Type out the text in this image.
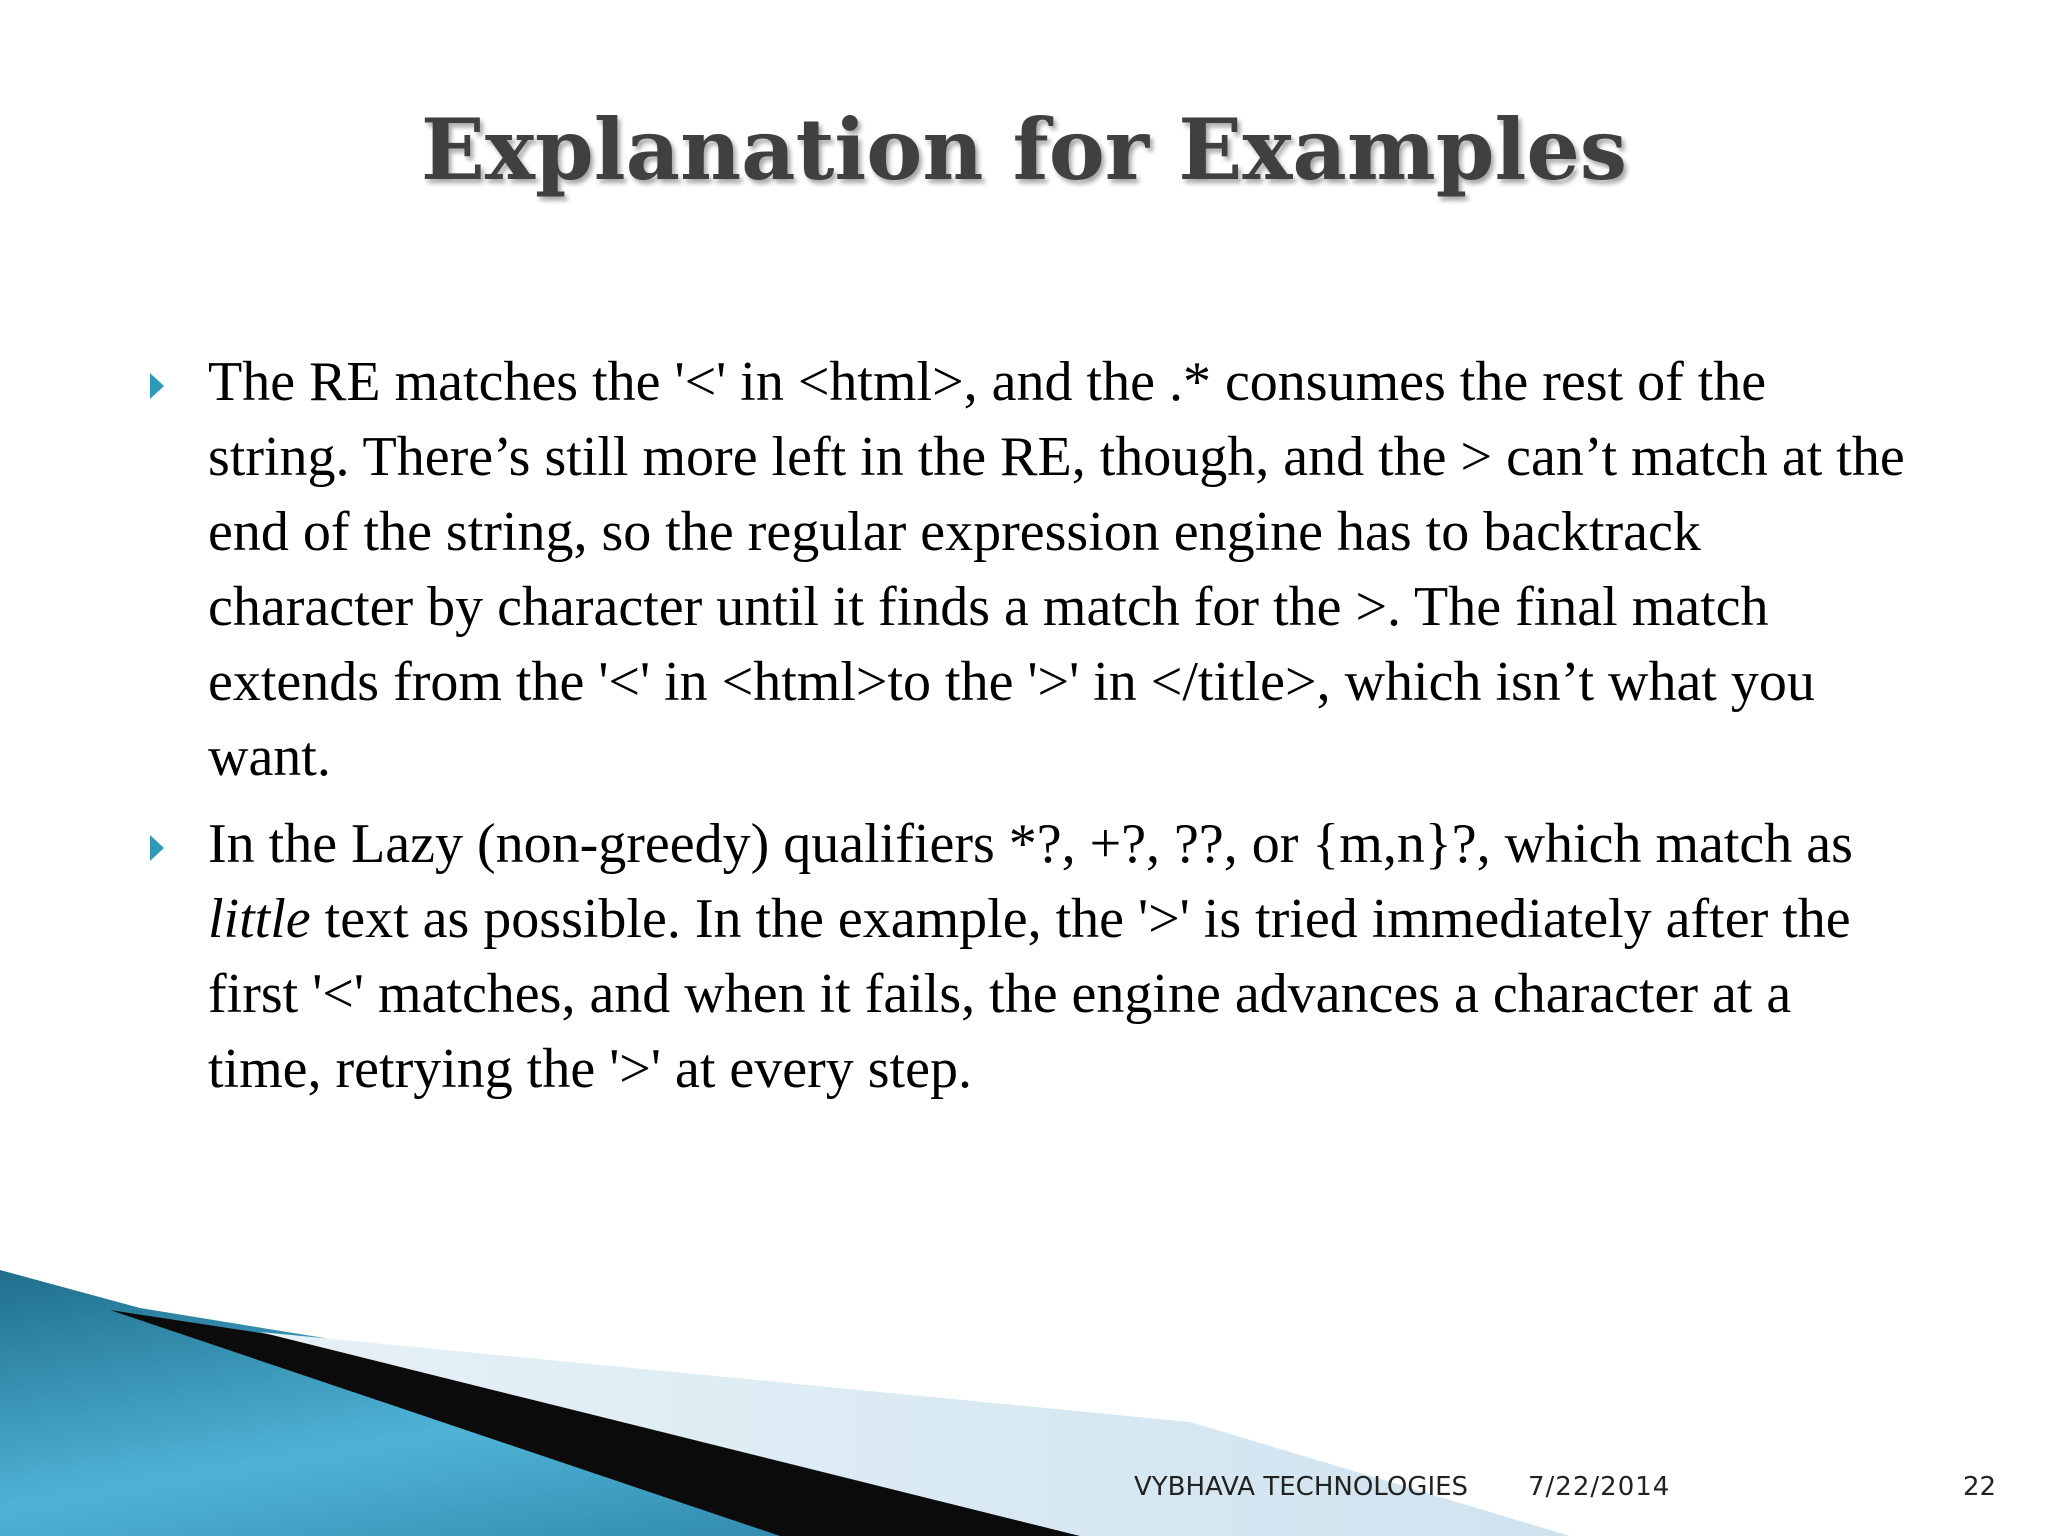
Explanation for Examples
The RE matches the '<' in <html>, and the .* consumes the rest of the string. There’s still more left in the RE, though, and the > can’t match at the end of the string, so the regular expression engine has to backtrack character by character until it finds a match for the >. The final match extends from the '<' in <html>to the '>' in </title>, which isn’t what you want.
In the Lazy (non-greedy) qualifiers *?, +?, ??, or {m,n}?, which match as little text as possible. In the example, the '>' is tried immediately after the first '<' matches, and when it fails, the engine advances a character at a time, retrying the '>' at every step.
VYBHAVA TECHNOLOGIES 7/22/2014	22
